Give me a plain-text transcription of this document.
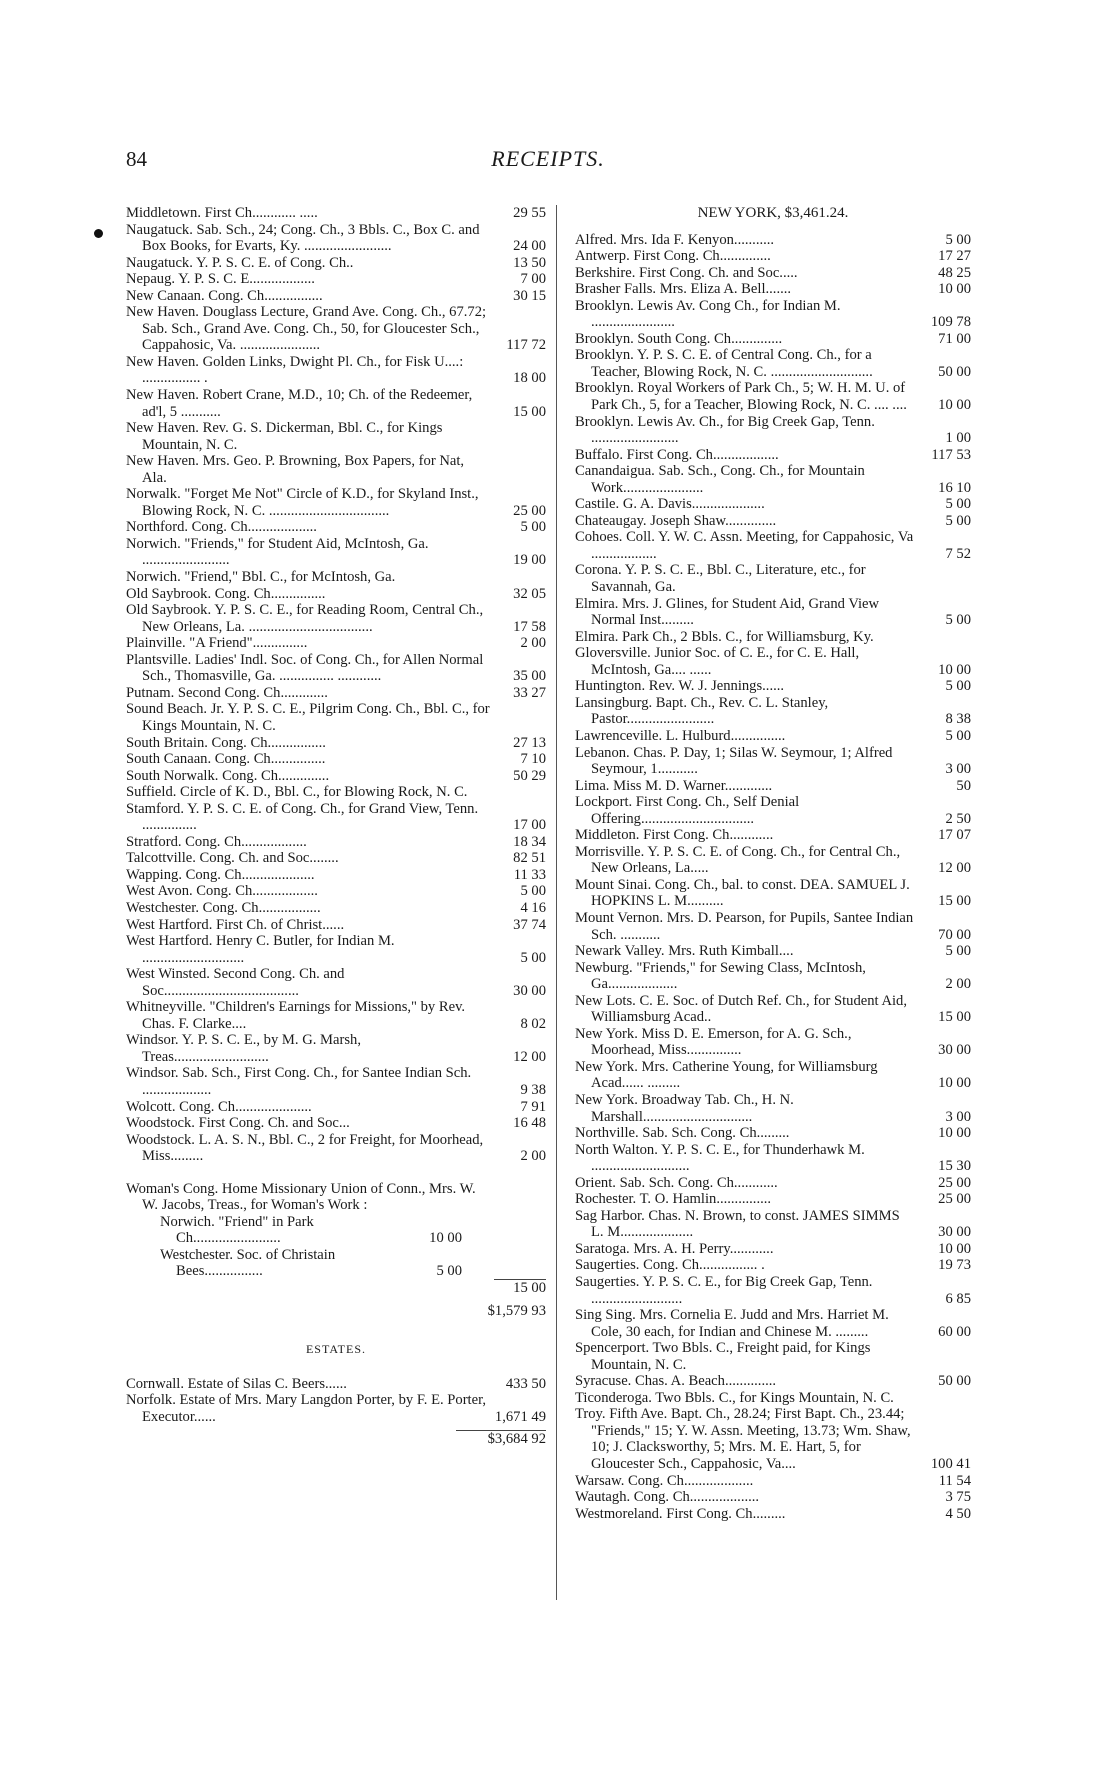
84	RECEIPTS.
Middletown. First Ch............ .....	29 55
Naugatuck. Sab. Sch., 24; Cong. Ch., 3 Bbls. C., Box C. and Box Books, for Evarts, Ky. ........................	24 00
Naugatuck. Y. P. S. C. E. of Cong. Ch..	13 50
Nepaug. Y. P. S. C. E..................	7 00
New Canaan. Cong. Ch................	30 15
New Haven. Douglass Lecture, Grand Ave. Cong. Ch., 67.72; Sab. Sch., Grand Ave. Cong. Ch., 50, for Gloucester Sch., Cappahosic, Va. ......................	117 72
New Haven. Golden Links, Dwight Pl. Ch., for Fisk U....: ................ .	18 00
New Haven. Robert Crane, M.D., 10; Ch. of the Redeemer, ad'l, 5 ...........	15 00
New Haven. Rev. G. S. Dickerman, Bbl. C., for Kings Mountain, N. C.
New Haven. Mrs. Geo. P. Browning, Box Papers, for Nat, Ala.
Norwalk. "Forget Me Not" Circle of K.D., for Skyland Inst., Blowing Rock, N. C. .................................	25 00
Northford. Cong. Ch...................	5 00
Norwich. "Friends," for Student Aid, McIntosh, Ga. ........................	19 00
Norwich. "Friend," Bbl. C., for McIntosh, Ga.
Old Saybrook. Cong. Ch...............	32 05
Old Saybrook. Y. P. S. C. E., for Reading Room, Central Ch., New Orleans, La. ..................................	17 58
Plainville. "A Friend"...............	2 00
Plantsville. Ladies' Indl. Soc. of Cong. Ch., for Allen Normal Sch., Thomasville, Ga. ............... ............	35 00
Putnam. Second Cong. Ch.............	33 27
Sound Beach. Jr. Y. P. S. C. E., Pilgrim Cong. Ch., Bbl. C., for Kings Mountain, N. C.
South Britain. Cong. Ch................	27 13
South Canaan. Cong. Ch...............	7 10
South Norwalk. Cong. Ch..............	50 29
Suffield. Circle of K. D., Bbl. C., for Blowing Rock, N. C.
Stamford. Y. P. S. C. E. of Cong. Ch., for Grand View, Tenn. ...............	17 00
Stratford. Cong. Ch..................	18 34
Talcottville. Cong. Ch. and Soc........	82 51
Wapping. Cong. Ch....................	11 33
West Avon. Cong. Ch..................	5 00
Westchester. Cong. Ch.................	4 16
West Hartford. First Ch. of Christ......	37 74
West Hartford. Henry C. Butler, for Indian M. ............................	5 00
West Winsted. Second Cong. Ch. and Soc.....................................	30 00
Whitneyville. "Children's Earnings for Missions," by Rev. Chas. F. Clarke....	8 02
Windsor. Y. P. S. C. E., by M. G. Marsh, Treas..........................	12 00
Windsor. Sab. Sch., First Cong. Ch., for Santee Indian Sch. ...................	9 38
Wolcott. Cong. Ch.....................	7 91
Woodstock. First Cong. Ch. and Soc...	16 48
Woodstock. L. A. S. N., Bbl. C., 2 for Freight, for Moorhead, Miss.........	2 00
Woman's Cong. Home Missionary Union of Conn., Mrs. W. W. Jacobs, Treas., for Woman's Work :
Norwich. "Friend" in Park Ch........................	10 00
Westchester. Soc. of Christain Bees................	5 00

15 00

$1,579 93
ESTATES.
Cornwall. Estate of Silas C. Beers......	433 50
Norfolk. Estate of Mrs. Mary Langdon Porter, by F. E. Porter, Executor......	1,671 49

$3,684 92
NEW YORK, $3,461.24.
Alfred. Mrs. Ida F. Kenyon...........	5 00
Antwerp. First Cong. Ch..............	17 27
Berkshire. First Cong. Ch. and Soc.....	48 25
Brasher Falls. Mrs. Eliza A. Bell.......	10 00
Brooklyn. Lewis Av. Cong Ch., for Indian M. .......................	109 78
Brooklyn. South Cong. Ch..............	71 00
Brooklyn. Y. P. S. C. E. of Central Cong. Ch., for a Teacher, Blowing Rock, N. C. ............................	50 00
Brooklyn. Royal Workers of Park Ch., 5; W. H. M. U. of Park Ch., 5, for a Teacher, Blowing Rock, N. C. .... ....	10 00
Brooklyn. Lewis Av. Ch., for Big Creek Gap, Tenn. ........................	1 00
Buffalo. First Cong. Ch..................	117 53
Canandaigua. Sab. Sch., Cong. Ch., for Mountain Work......................	16 10
Castile. G. A. Davis....................	5 00
Chateaugay. Joseph Shaw..............	5 00
Cohoes. Coll. Y. W. C. Assn. Meeting, for Cappahosic, Va ..................	7 52
Corona. Y. P. S. C. E., Bbl. C., Literature, etc., for Savannah, Ga.
Elmira. Mrs. J. Glines, for Student Aid, Grand View Normal Inst.........	5 00
Elmira. Park Ch., 2 Bbls. C., for Williamsburg, Ky.
Gloversville. Junior Soc. of C. E., for C. E. Hall, McIntosh, Ga.... ......	10 00
Huntington. Rev. W. J. Jennings......	5 00
Lansingburg. Bapt. Ch., Rev. C. L. Stanley, Pastor........................	8 38
Lawrenceville. L. Hulburd...............	5 00
Lebanon. Chas. P. Day, 1; Silas W. Seymour, 1; Alfred Seymour, 1...........	3 00
Lima. Miss M. D. Warner.............	50
Lockport. First Cong. Ch., Self Denial Offering...............................	2 50
Middleton. First Cong. Ch............	17 07
Morrisville. Y. P. S. C. E. of Cong. Ch., for Central Ch., New Orleans, La.....	12 00
Mount Sinai. Cong. Ch., bal. to const. DEA. SAMUEL J. HOPKINS L. M..........	15 00
Mount Vernon. Mrs. D. Pearson, for Pupils, Santee Indian Sch. ...........	70 00
Newark Valley. Mrs. Ruth Kimball....	5 00
Newburg. "Friends," for Sewing Class, McIntosh, Ga...................	2 00
New Lots. C. E. Soc. of Dutch Ref. Ch., for Student Aid, Williamsburg Acad..	15 00
New York. Miss D. E. Emerson, for A. G. Sch., Moorhead, Miss...............	30 00
New York. Mrs. Catherine Young, for Williamsburg Acad...... .........	10 00
New York. Broadway Tab. Ch., H. N. Marshall..............................	3 00
Northville. Sab. Sch. Cong. Ch.........	10 00
North Walton. Y. P. S. C. E., for Thunderhawk M. ...........................	15 30
Orient. Sab. Sch. Cong. Ch............	25 00
Rochester. T. O. Hamlin...............	25 00
Sag Harbor. Chas. N. Brown, to const. JAMES SIMMS L. M....................	30 00
Saratoga. Mrs. A. H. Perry............	10 00
Saugerties. Cong. Ch................ .	19 73
Saugerties. Y. P. S. C. E., for Big Creek Gap, Tenn. .........................	6 85
Sing Sing. Mrs. Cornelia E. Judd and Mrs. Harriet M. Cole, 30 each, for Indian and Chinese M. .........	60 00
Spencerport. Two Bbls. C., Freight paid, for Kings Mountain, N. C.
Syracuse. Chas. A. Beach..............	50 00
Ticonderoga. Two Bbls. C., for Kings Mountain, N. C.
Troy. Fifth Ave. Bapt. Ch., 28.24; First Bapt. Ch., 23.44; "Friends," 15; Y. W. Assn. Meeting, 13.73; Wm. Shaw, 10; J. Clacksworthy, 5; Mrs. M. E. Hart, 5, for Gloucester Sch., Cappahosic, Va....	100 41
Warsaw. Cong. Ch...................	11 54
Wautagh. Cong. Ch...................	3 75
Westmoreland. First Cong. Ch.........	4 50
